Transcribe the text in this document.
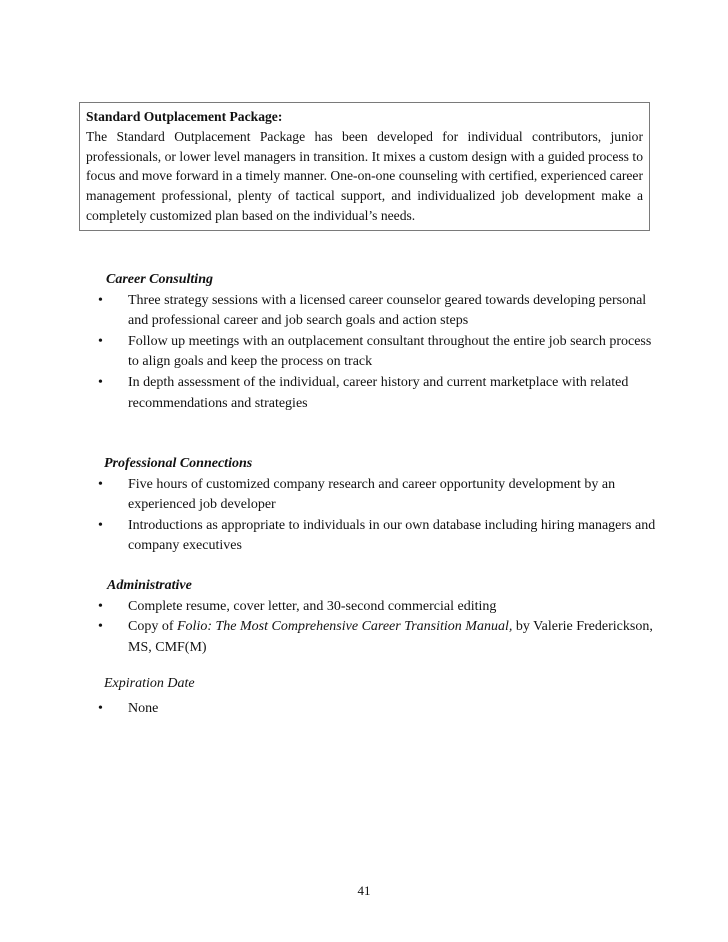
Standard Outplacement Package:
The Standard Outplacement Package has been developed for individual contributors, junior professionals, or lower level managers in transition. It mixes a custom design with a guided process to focus and move forward in a timely manner. One-on-one counseling with certified, experienced career management professional, plenty of tactical support, and individualized job development make a completely customized plan based on the individual’s needs.
Career Consulting
• Three strategy sessions with a licensed career counselor geared towards developing personal and professional career and job search goals and action steps
• Follow up meetings with an outplacement consultant throughout the entire job search process to align goals and keep the process on track
• In depth assessment of the individual, career history and current marketplace with related recommendations and strategies
Professional Connections
• Five hours of customized company research and career opportunity development by an experienced job developer
• Introductions as appropriate to individuals in our own database including hiring managers and company executives
Administrative
• Complete resume, cover letter, and 30-second commercial editing
• Copy of Folio: The Most Comprehensive Career Transition Manual, by Valerie Frederickson, MS, CMF(M)
Expiration Date
• None
41
